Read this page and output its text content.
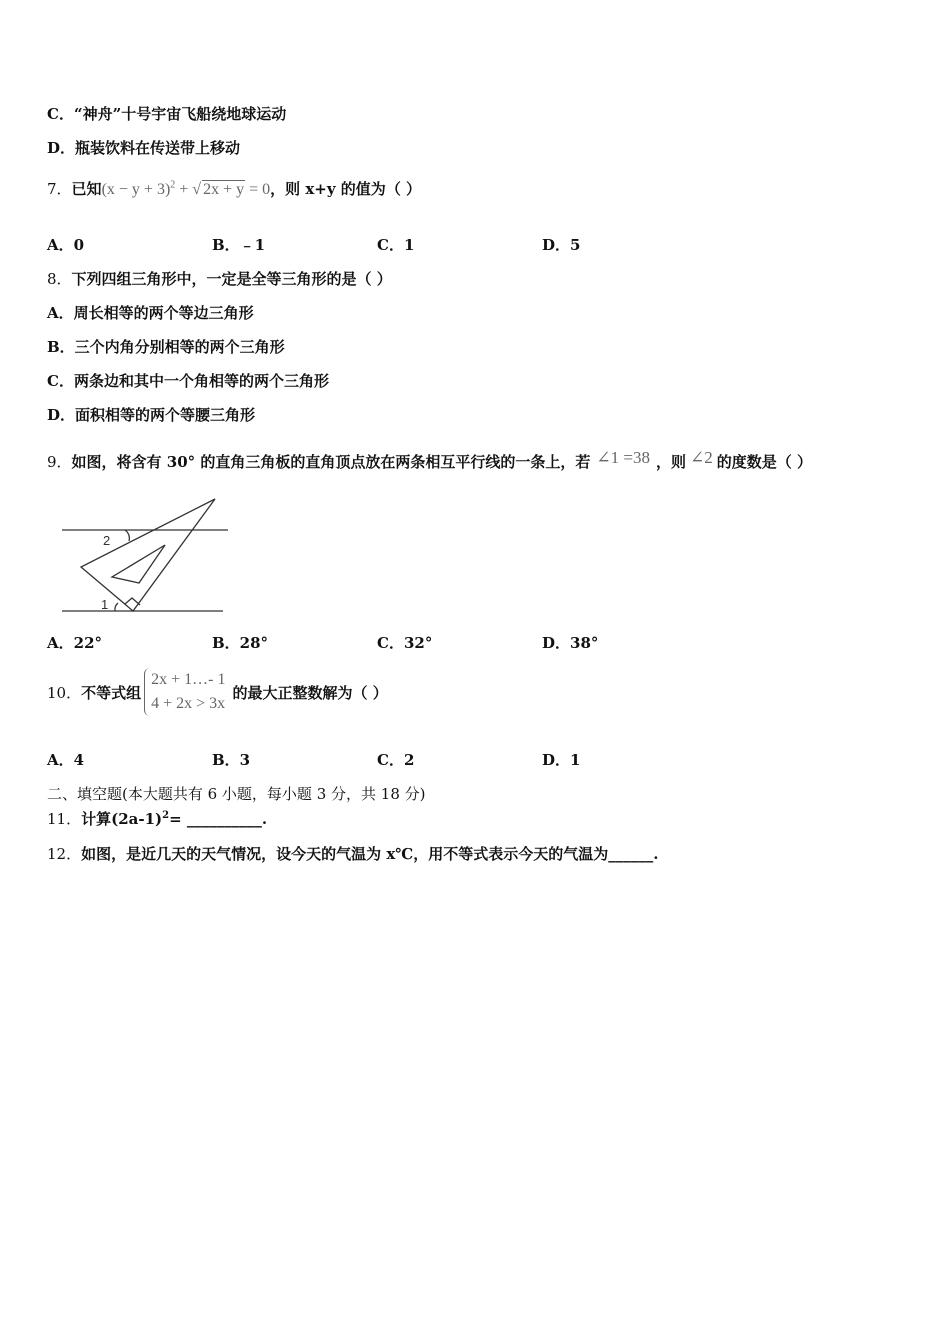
C．“神舟”十号宇宙飞船绕地球运动
D．瓶装饮料在传送带上移动
7．已知$(x - y + 3)^2$ + √ 2x + y = 0，则 x+y 的值为（ ）
A．0	B．﹣1	C．1	D．5
8．下列四组三角形中，一定是全等三角形的是（ ）
A．周长相等的两个等边三角形
B．三个内角分别相等的两个三角形
C．两条边和其中一个角相等的两个三角形
D．面积相等的两个等腰三角形
9．如图，将含有 30° 的直角三角板的直角顶点放在两条相互平行线的一条上，若 ∠1 =38 ，则 ∠2 的度数是（ ）
1
2
A．22°	B．28°	C．32°	D．38°
10． 不等式组
2x + 1…- 1
4 + 2x > 3x
的最大正整数解为（ ）
A．4	B．3	C．2	D．1
二、填空题(本大题共有 6 小题，每小题 3 分，共 18 分)
11．计算$(2a-1)^2=$ __________.
12．如图，是近几天的天气情况，设今天的气温为 x℃，用不等式表示今天的气温为______.
